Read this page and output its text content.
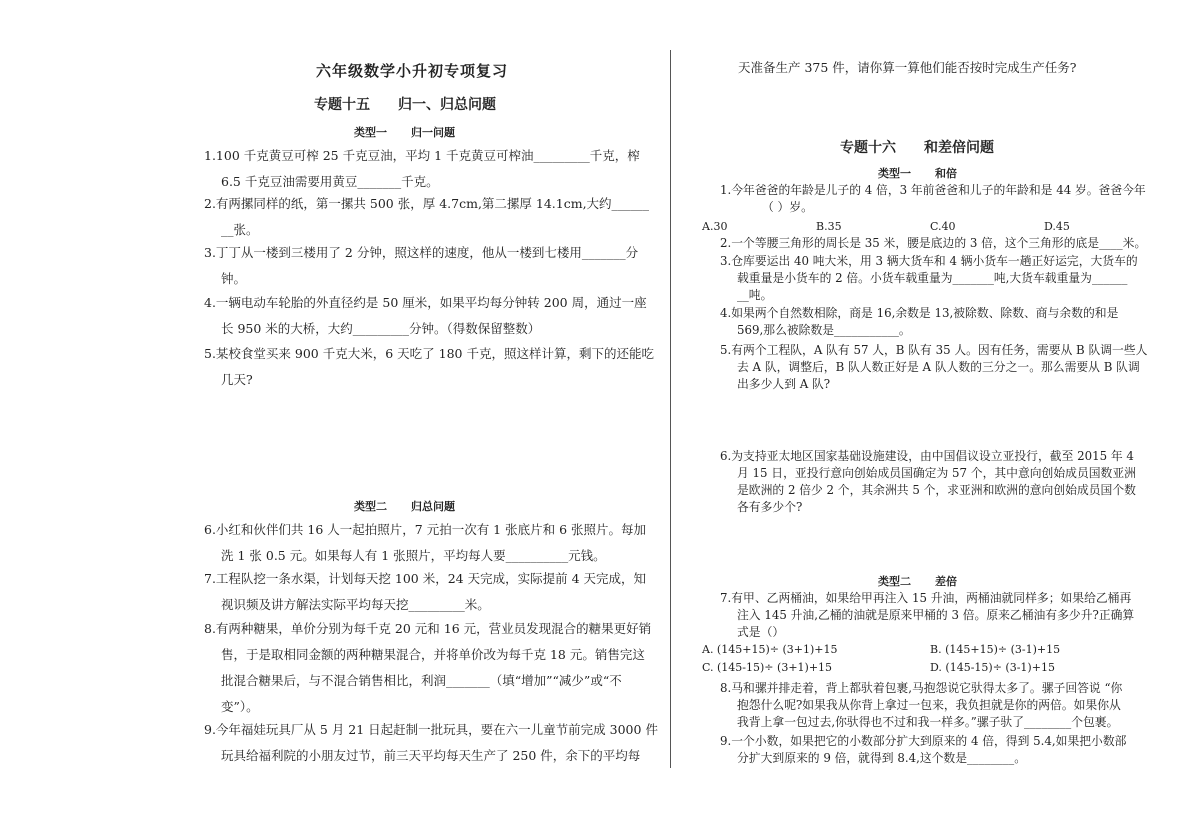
六年级数学小升初专项复习
专题十五 归一、归总问题
类型一 归一问题
1.100 千克黄豆可榨 25 千克豆油，平均 1 千克黄豆可榨油_________千克，榨
6.5 千克豆油需要用黄豆_______千克。
2.有两摞同样的纸，第一摞共 500 张，厚 4.7cm,第二摞厚 14.1cm,大约______
__张。
3.丁丁从一楼到三楼用了 2 分钟，照这样的速度，他从一楼到七楼用_______分
钟。
4.一辆电动车轮胎的外直径约是 50 厘米，如果平均每分钟转 200 周，通过一座
长 950 米的大桥，大约_________分钟。（得数保留整数）
5.某校食堂买来 900 千克大米，6 天吃了 180 千克，照这样计算，剩下的还能吃
几天?
类型二 归总问题
6.小红和伙伴们共 16 人一起拍照片，7 元拍一次有 1 张底片和 6 张照片。每加
洗 1 张 0.5 元。如果每人有 1 张照片，平均每人要__________元钱。
7.工程队挖一条水渠，计划每天挖 100 米，24 天完成，实际提前 4 天完成，知
视识频及讲方解法实际平均每天挖_________米。
8.有两种糖果，单价分别为每千克 20 元和 16 元，营业员发现混合的糖果更好销
售，于是取相同金额的两种糖果混合，并将单价改为每千克 18 元。销售完这
批混合糖果后，与不混合销售相比，利润_______（填“增加”“减少”或“不
变”）。
9.今年福娃玩具厂从 5 月 21 日起赶制一批玩具，要在六一儿童节前完成 3000 件
玩具给福利院的小朋友过节，前三天平均每天生产了 250 件，余下的平均每
天准备生产 375 件，请你算一算他们能否按时完成生产任务?
专题十六 和差倍问题
类型一 和倍
1.今年爸爸的年龄是儿子的 4 倍，3 年前爸爸和儿子的年龄和是 44 岁。爸爸今年
（ ）岁。
A.30	B.35	C.40	D.45
2.一个等腰三角形的周长是 35 米，腰是底边的 3 倍，这个三角形的底是____米。
3.仓库要运出 40 吨大米，用 3 辆大货车和 4 辆小货车一趟正好运完，大货车的
载重量是小货车的 2 倍。小货车载重量为_______吨,大货车载重量为______
__吨。
4.如果两个自然数相除，商是 16,余数是 13,被除数、除数、商与余数的和是
569,那么被除数是___________。
5.有两个工程队，A 队有 57 人，B 队有 35 人。因有任务，需要从 B 队调一些人
去 A 队，调整后，B 队人数正好是 A 队人数的三分之一。那么需要从 B 队调
出多少人到 A 队?
6.为支持亚太地区国家基础设施建设，由中国倡议设立亚投行，截至 2015 年 4
月 15 日，亚投行意向创始成员国确定为 57 个，其中意向创始成员国数亚洲
是欧洲的 2 倍少 2 个，其余洲共 5 个，求亚洲和欧洲的意向创始成员国个数
各有多少个?
类型二 差倍
7.有甲、乙两桶油，如果给甲再注入 15 升油，两桶油就同样多；如果给乙桶再
注入 145 升油,乙桶的油就是原来甲桶的 3 倍。原来乙桶油有多少升?正确算
式是（）
A. (145+15)÷ (3+1)+15	B. (145+15)÷ (3-1)+15
C. (145-15)÷ (3+1)+15	D. (145-15)÷ (3-1)+15
8.马和骡并排走着，背上都驮着包裹,马抱怨说它驮得太多了。骡子回答说 “你
抱怨什么呢?如果我从你背上拿过一包来，我负担就是你的两倍。如果你从
我背上拿一包过去,你驮得也不过和我一样多。”骡子驮了________个包裹。
9.一个小数，如果把它的小数部分扩大到原来的 4 倍，得到 5.4,如果把小数部
分扩大到原来的 9 倍，就得到 8.4,这个数是________。
